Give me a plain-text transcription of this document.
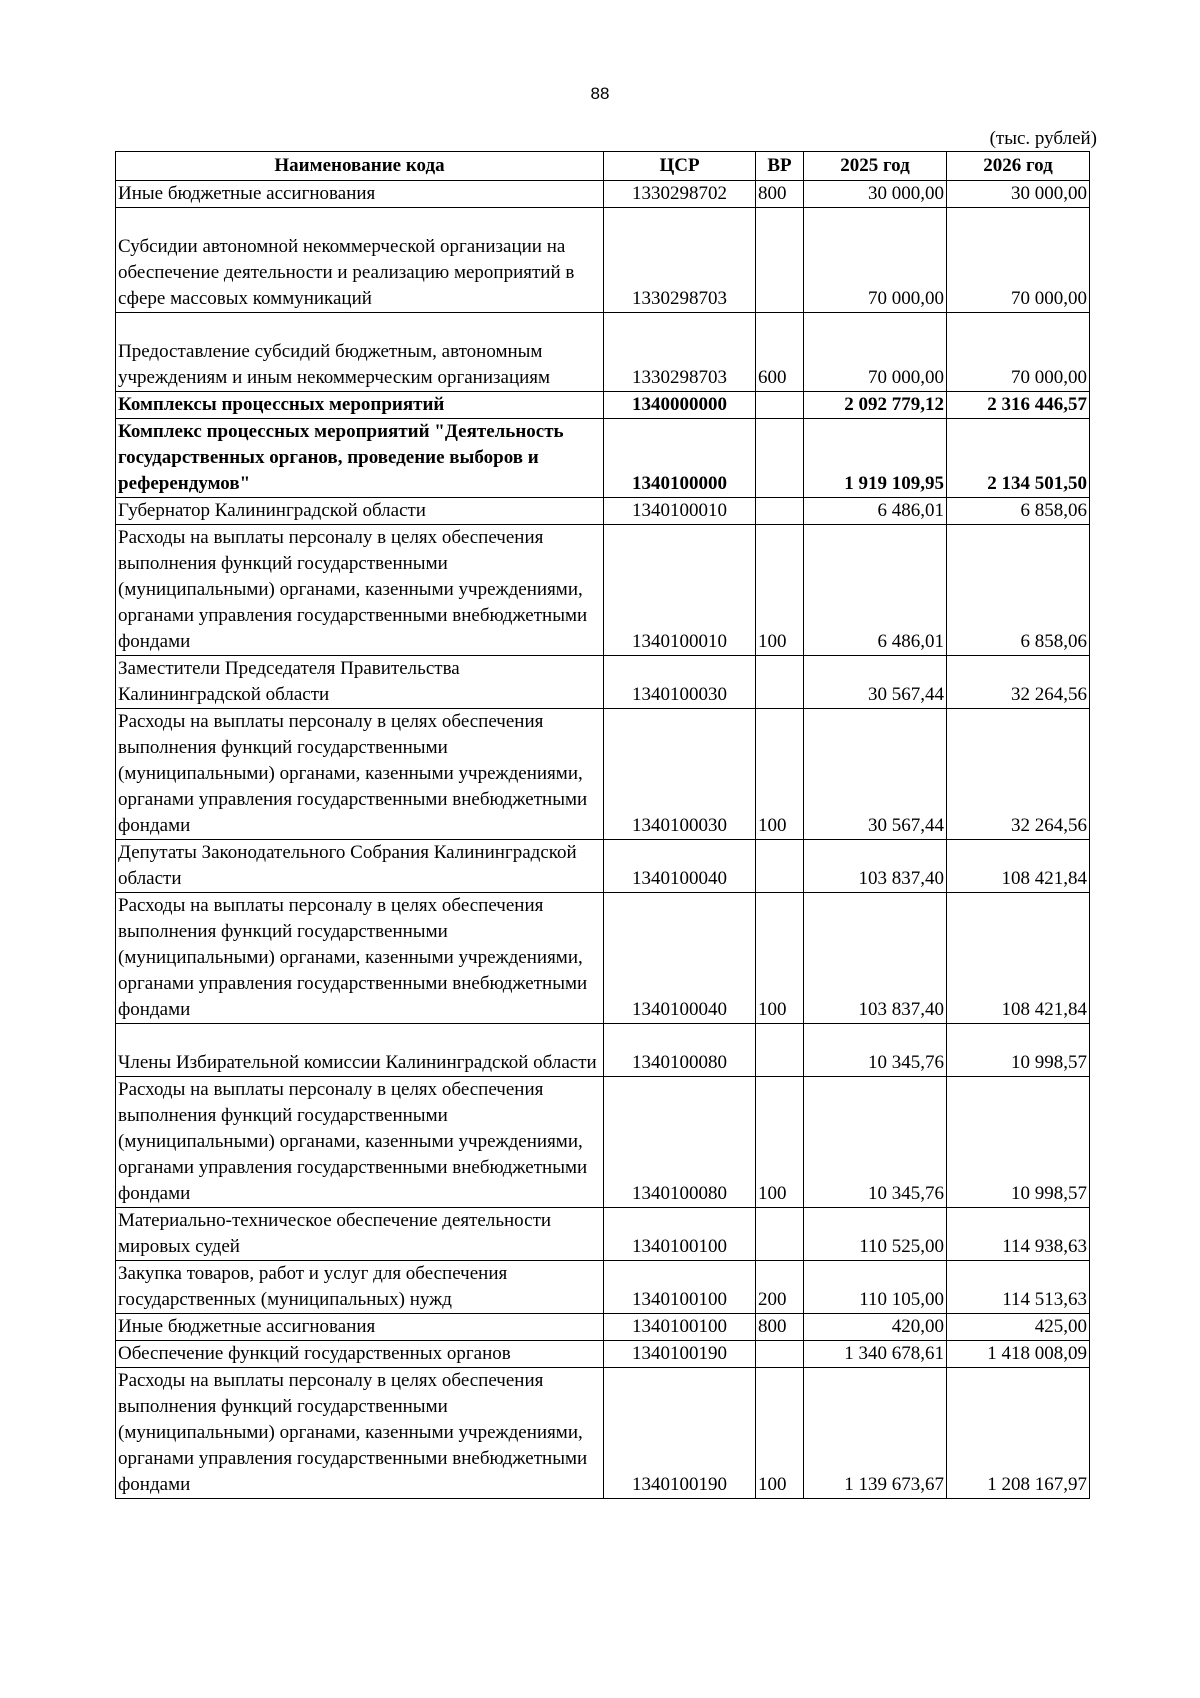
88
(тыс. рублей)
Наименование кода	ЦСР	ВР	2025 год	2026 год
Иные бюджетные ассигнования	1330298702	800	30 000,00	30 000,00
Субсидии автономной некоммерческой организации на обеспечение деятельности и реализацию мероприятий в сфере массовых коммуникаций	1330298703		70 000,00	70 000,00
Предоставление субсидий бюджетным, автономным учреждениям и иным некоммерческим организациям	1330298703	600	70 000,00	70 000,00
Комплексы процессных мероприятий	1340000000		2 092 779,12	2 316 446,57
Комплекс процессных мероприятий "Деятельность государственных органов, проведение выборов и референдумов"	1340100000		1 919 109,95	2 134 501,50
Губернатор Калининградской области	1340100010		6 486,01	6 858,06
Расходы на выплаты персоналу в целях обеспечения выполнения функций государственными (муниципальными) органами, казенными учреждениями, органами управления государственными внебюджетными фондами	1340100010	100	6 486,01	6 858,06
Заместители Председателя Правительства Калининградской области	1340100030		30 567,44	32 264,56
Расходы на выплаты персоналу в целях обеспечения выполнения функций государственными (муниципальными) органами, казенными учреждениями, органами управления государственными внебюджетными фондами	1340100030	100	30 567,44	32 264,56
Депутаты Законодательного Собрания Калининградской области	1340100040		103 837,40	108 421,84
Расходы на выплаты персоналу в целях обеспечения выполнения функций государственными (муниципальными) органами, казенными учреждениями, органами управления государственными внебюджетными фондами	1340100040	100	103 837,40	108 421,84
Члены Избирательной комиссии Калининградской области	1340100080		10 345,76	10 998,57
Расходы на выплаты персоналу в целях обеспечения выполнения функций государственными (муниципальными) органами, казенными учреждениями, органами управления государственными внебюджетными фондами	1340100080	100	10 345,76	10 998,57
Материально-техническое обеспечение деятельности мировых судей	1340100100		110 525,00	114 938,63
Закупка товаров, работ и услуг для обеспечения государственных (муниципальных) нужд	1340100100	200	110 105,00	114 513,63
Иные бюджетные ассигнования	1340100100	800	420,00	425,00
Обеспечение функций государственных органов	1340100190		1 340 678,61	1 418 008,09
Расходы на выплаты персоналу в целях обеспечения выполнения функций государственными (муниципальными) органами, казенными учреждениями, органами управления государственными внебюджетными фондами	1340100190	100	1 139 673,67	1 208 167,97
